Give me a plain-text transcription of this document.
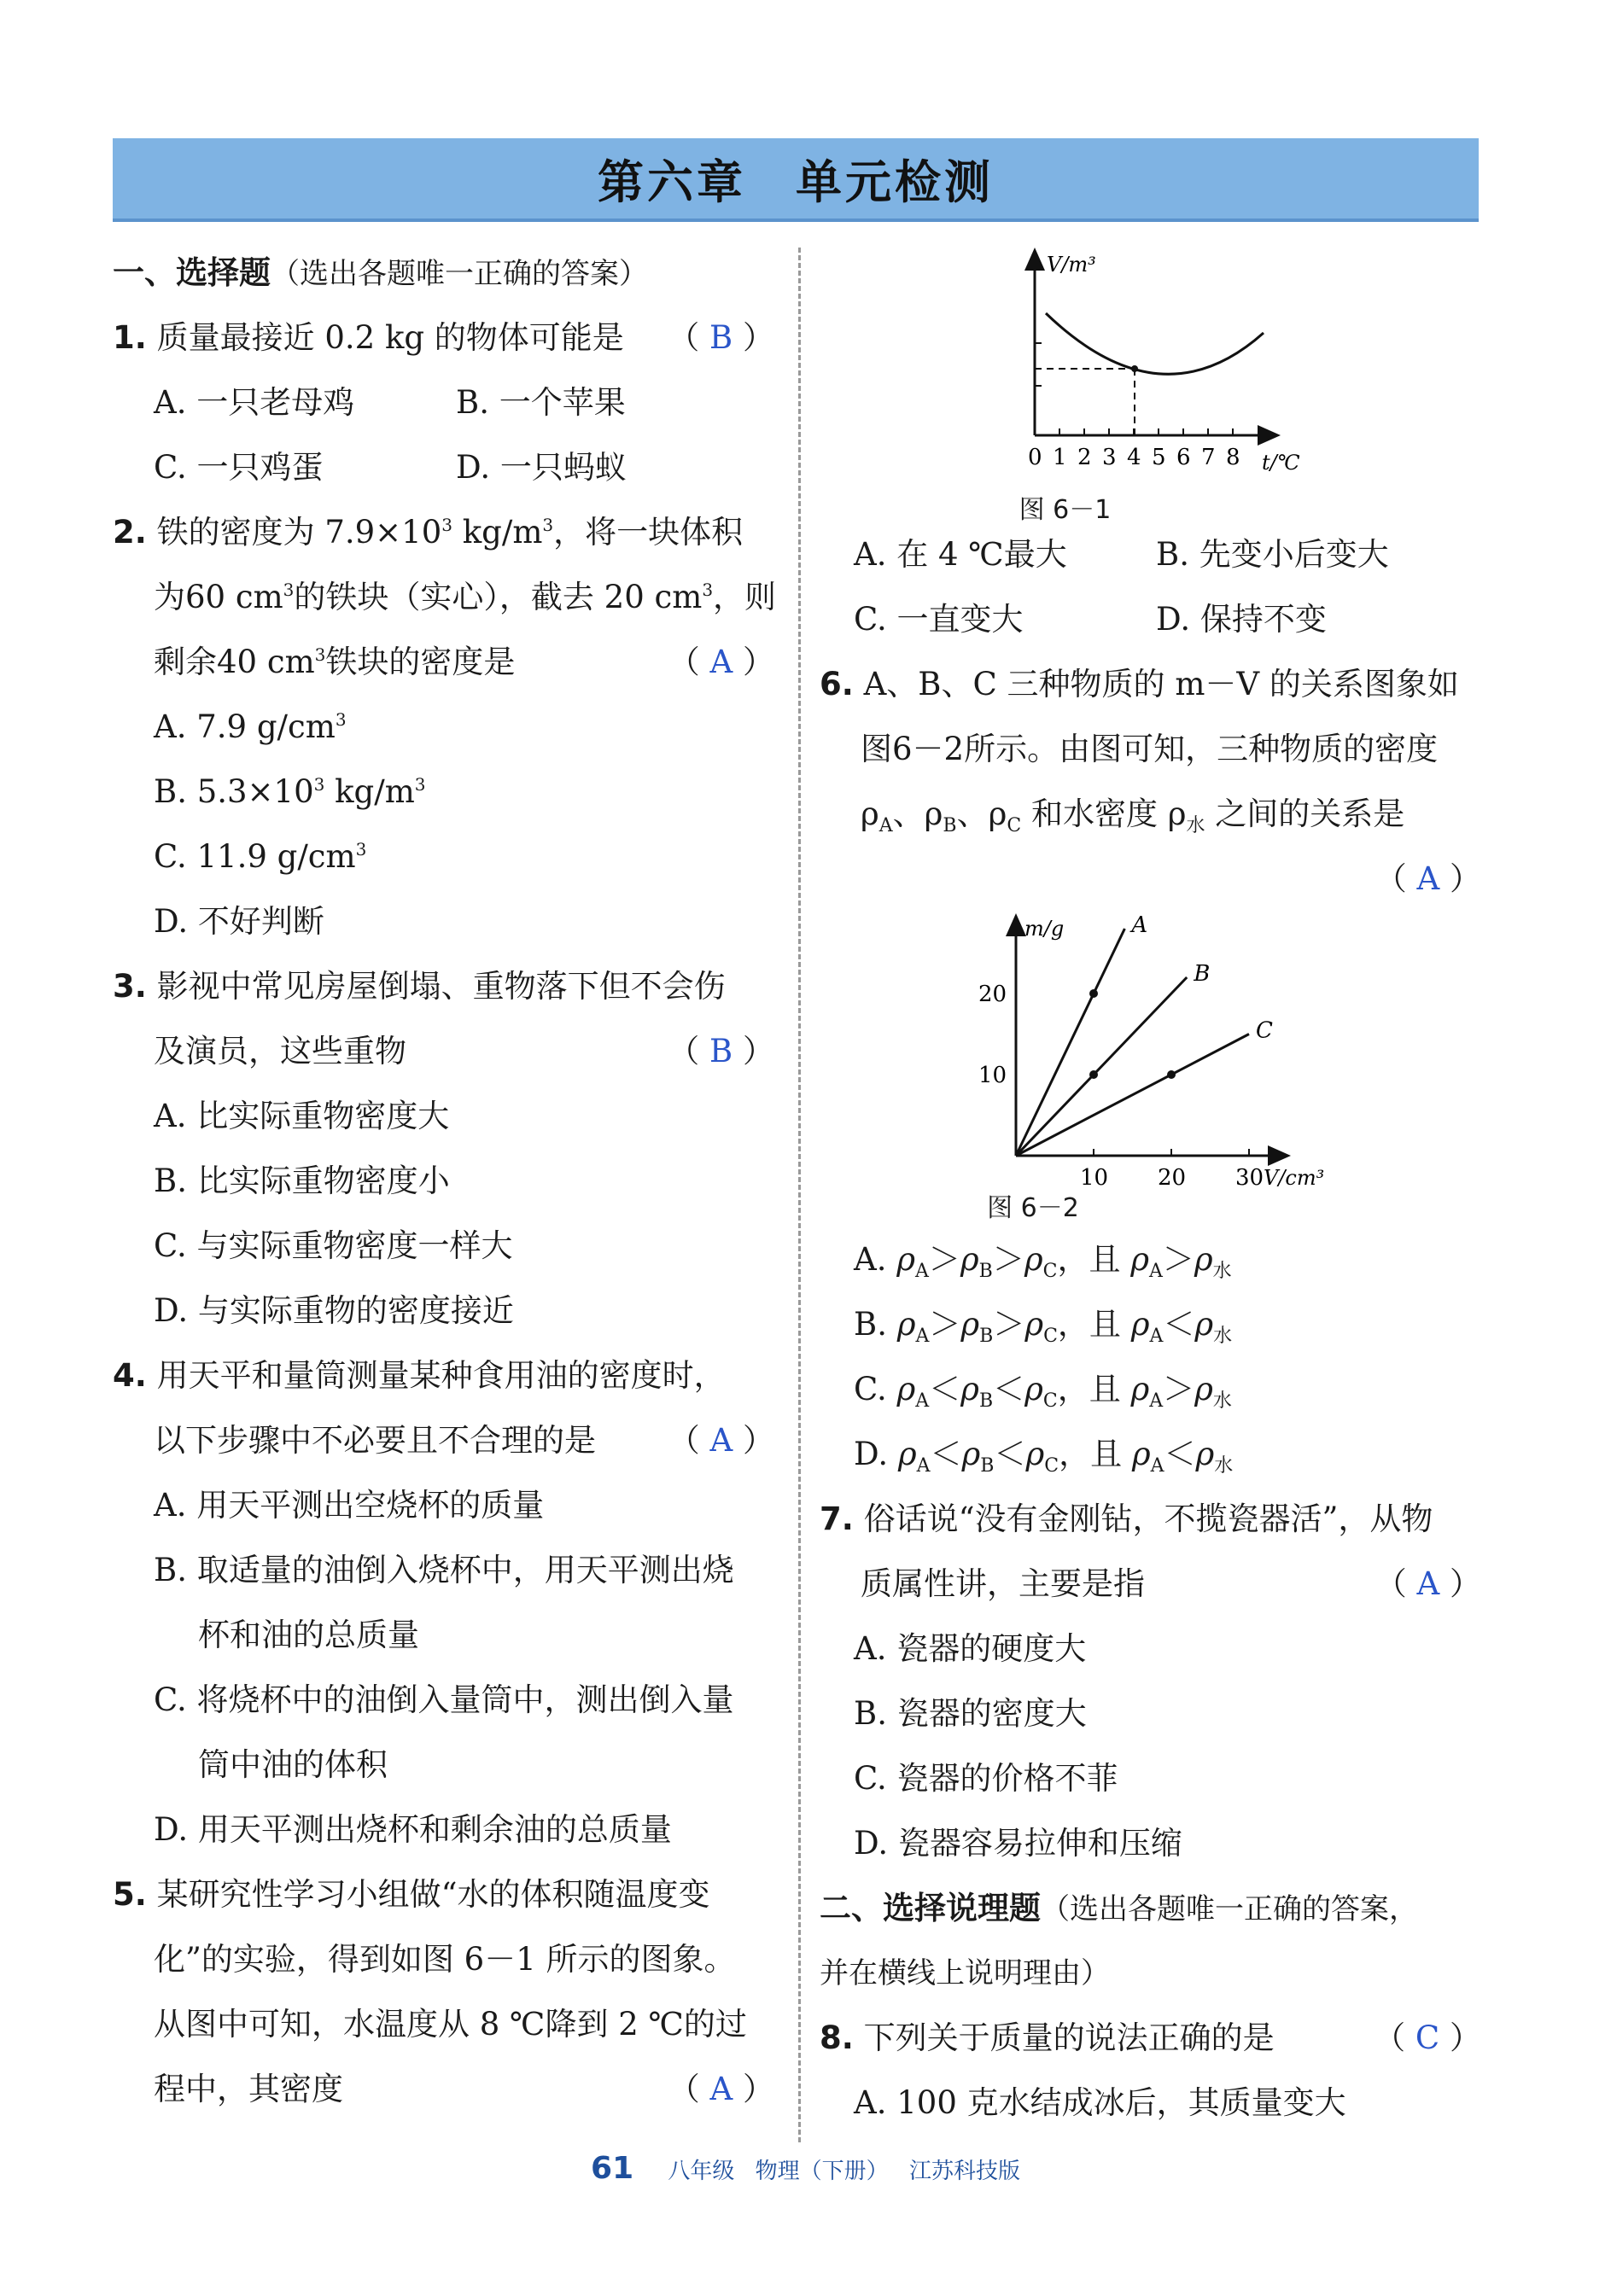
第六章　单元检测
一、选择题（选出各题唯一正确的答案）
1. 质量最接近 0.2 kg 的物体可能是 （ B ）
A. 一只老母鸡	B. 一个苹果
C. 一只鸡蛋	D. 一只蚂蚁
2. 铁的密度为 $7.9\times 10^3$ $kg/m^3$，将一块体积
为60 $cm^3$的铁块（实心），截去 20 $cm^3$，则
剩余40 $cm^3$铁块的密度是	（ A ）
A. 7.9 $g/cm^3$
B. $5.3\times 10^3$ $kg/m^3$
C. 11.9 $g/cm^3$
D. 不好判断
3. 影视中常见房屋倒塌、重物落下但不会伤
及演员，这些重物	（ B ）
A. 比实际重物密度大
B. 比实际重物密度小
C. 与实际重物密度一样大
D. 与实际重物的密度接近
4. 用天平和量筒测量某种食用油的密度时，
以下步骤中不必要且不合理的是 （ A ）
A. 用天平测出空烧杯的质量
B. 取适量的油倒入烧杯中，用天平测出烧
杯和油的总质量
C. 将烧杯中的油倒入量筒中，测出倒入量
筒中油的体积
D. 用天平测出烧杯和剩余油的总质量
5. 某研究性学习小组做“水的体积随温度变
化”的实验，得到如图 6－1 所示的图象。
从图中可知，水温度从 8 ℃降到 2 ℃的过
程中，其密度	（ A ）
V/m³
0 1 2 3 4 5 6 7 8 t/℃
图 6－1
A. 在 4 ℃最大	B. 先变小后变大
C. 一直变大	D. 保持不变
6. A、B、C 三种物质的 m－V 的关系图象如
图6－2所示。由图可知，三种物质的密度
$\rho_A$、$\rho_B$、$\rho_C$ 和水密度 $\rho_水$ 之间的关系是
（ A ）
m/g
V/cm³
20
10
10 20 30
A
B
C
图 6－2
A. $\rho_A>\rho_B>\rho_C$，且 $\rho_A>\rho_水$
B. $\rho_A>\rho_B>\rho_C$，且 $\rho_A<\rho_水$
C. $\rho_A<\rho_B<\rho_C$，且 $\rho_A>\rho_水$
D. $\rho_A<\rho_B<\rho_C$，且 $\rho_A<\rho_水$
7. 俗话说“没有金刚钻，不揽瓷器活”，从物
质属性讲，主要是指	（ A ）
A. 瓷器的硬度大
B. 瓷器的密度大
C. 瓷器的价格不菲
D. 瓷器容易拉伸和压缩
二、选择说理题（选出各题唯一正确的答案，
并在横线上说明理由）
8. 下列关于质量的说法正确的是	（ C ）
A. 100 克水结成冰后，其质量变大
61 八年级 物理（下册） 江苏科技版
